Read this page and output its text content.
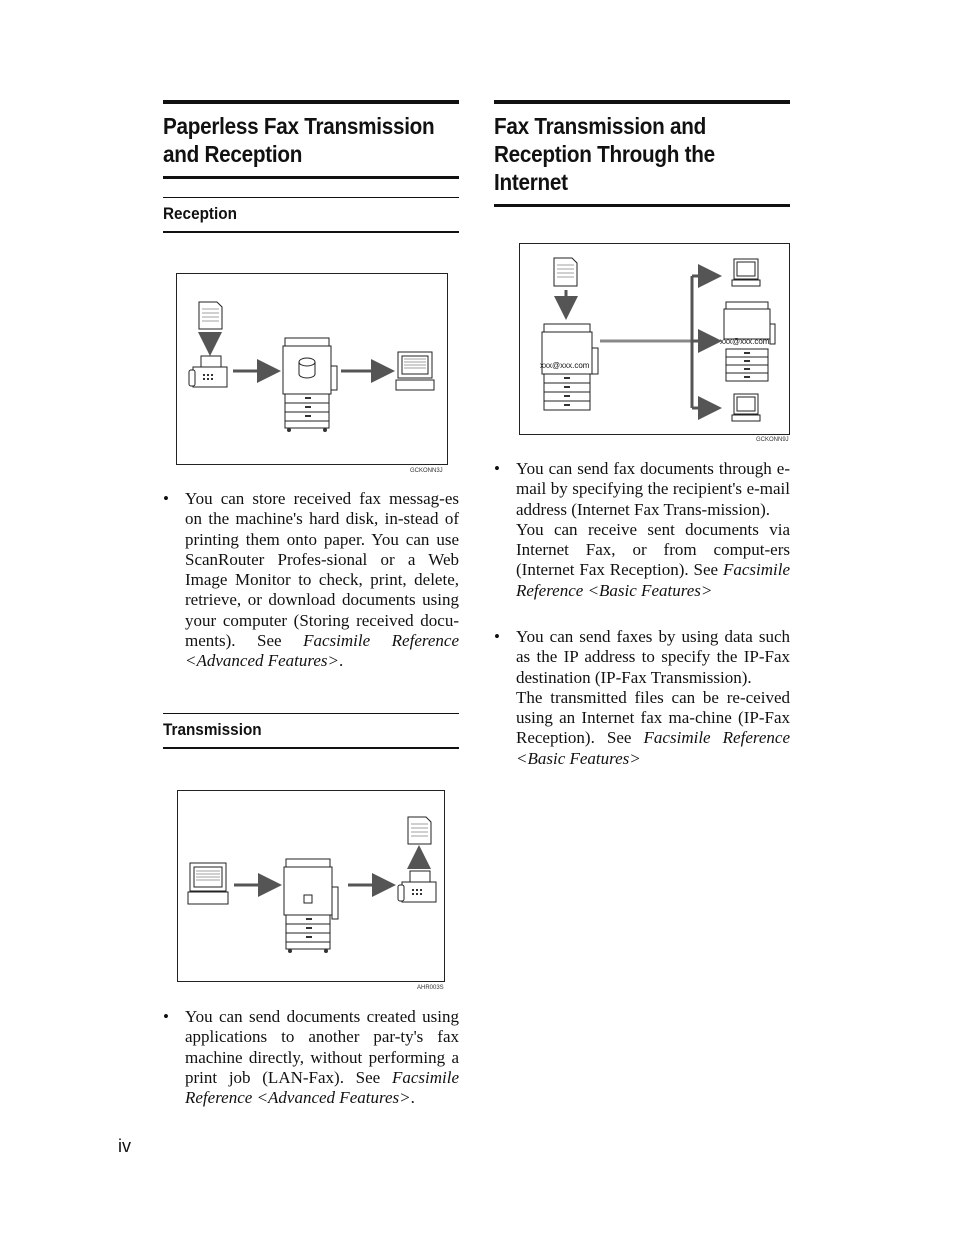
Paperless Fax Transmission
and Reception
Reception
GCKONN3J
• You can store received fax messag-es on the machine's hard disk, in-stead of printing them onto paper. You can use ScanRouter Profes-sional or a Web Image Monitor to check, print, delete, retrieve, or download documents using your computer (Storing received docu-ments). See Facsimile Reference <Advanced Features>.

Transmission
AHR003S
• You can send documents created using applications to another par-ty's fax machine directly, without performing a print job (LAN-Fax). See Facsimile Reference <Advanced Features>.

Fax Transmission and
Reception Through the
Internet
xxx@xxx.com
xxx@xxx.com
GCKONN9J
• You can send fax documents through e-mail by specifying the recipient's e-mail address (Internet Fax Trans-mission).

You can receive sent documents via Internet Fax, or from comput-ers (Internet Fax Reception). See Facsimile Reference <Basic Features>

• You can send faxes by using data such as the IP address to specify the IP-Fax destination (IP-Fax Transmission).

The transmitted files can be re-ceived using an Internet fax ma-chine (IP-Fax Reception). See Facsimile Reference <Basic Features>

iv
